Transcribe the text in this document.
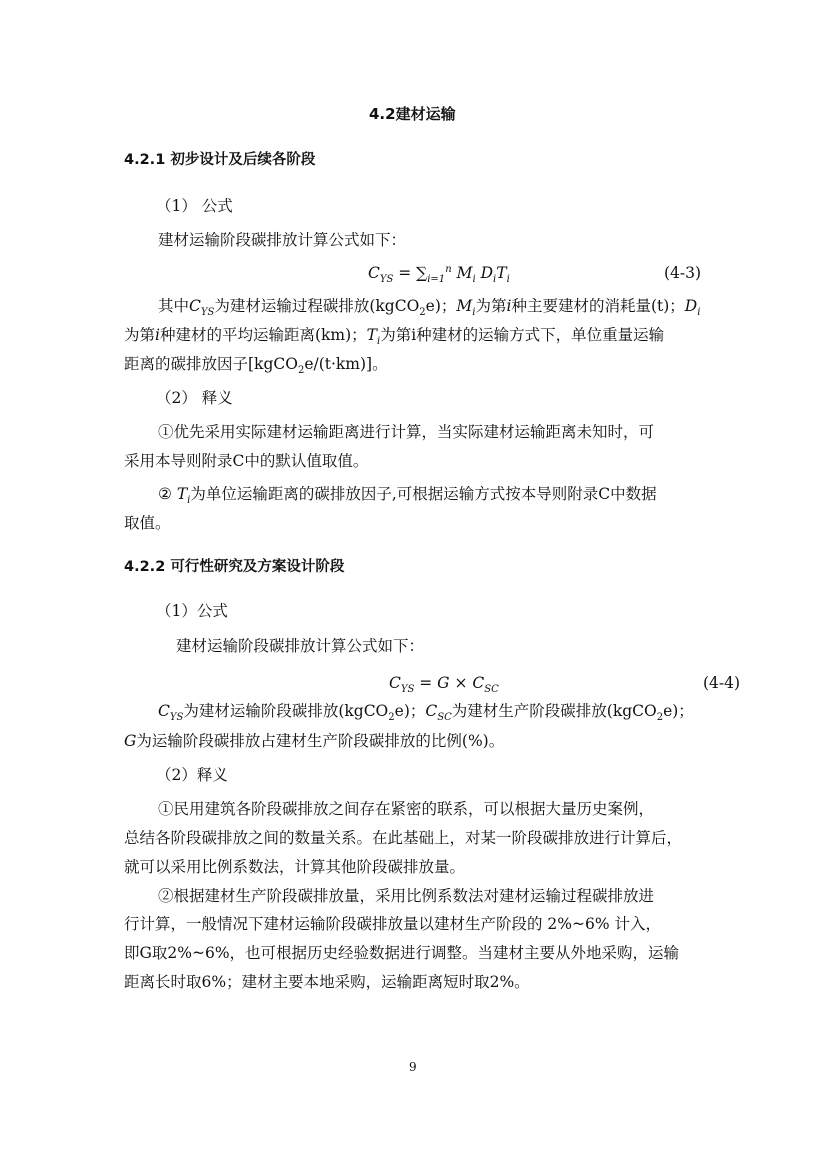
4.2建材运输
4.2.1 初步设计及后续各阶段
（1） 公式
建材运输阶段碳排放计算公式如下：
$C_{YS} = \sum_{i=1}^n$ $M_i$ $D_iT_i$	(4-3)
其中$C_{YS}$为建材运输过程碳排放(kgCO$_2$e)；$M_i$为第i种主要建材的消耗量(t)；$D_i$
为第i种建材的平均运输距离(km)；$T_i$为第i种建材的运输方式下，单位重量运输
距离的碳排放因子[kgCO$_2$e/(t·km)]。
（2） 释义
①优先采用实际建材运输距离进行计算，当实际建材运输距离未知时，可
采用本导则附录C中的默认值取值。
② $T_i$为单位运输距离的碳排放因子,可根据运输方式按本导则附录C中数据
取值。
4.2.2 可行性研究及方案设计阶段
（1）公式
建材运输阶段碳排放计算公式如下：
$C_{YS} = G \times C_{SC}$	(4-4)
$C_{YS}$为建材运输阶段碳排放(kgCO$_2$e)；$C_{SC}$为建材生产阶段碳排放(kgCO$_2$e)；
G为运输阶段碳排放占建材生产阶段碳排放的比例(%)。
（2）释义
①民用建筑各阶段碳排放之间存在紧密的联系，可以根据大量历史案例，
总结各阶段碳排放之间的数量关系。在此基础上，对某一阶段碳排放进行计算后，
就可以采用比例系数法，计算其他阶段碳排放量。
②根据建材生产阶段碳排放量，采用比例系数法对建材运输过程碳排放进
行计算，一般情况下建材运输阶段碳排放量以建材生产阶段的 2%~6% 计入，
即G取2%~6%，也可根据历史经验数据进行调整。当建材主要从外地采购，运输
距离长时取6%；建材主要本地采购，运输距离短时取2%。
9
